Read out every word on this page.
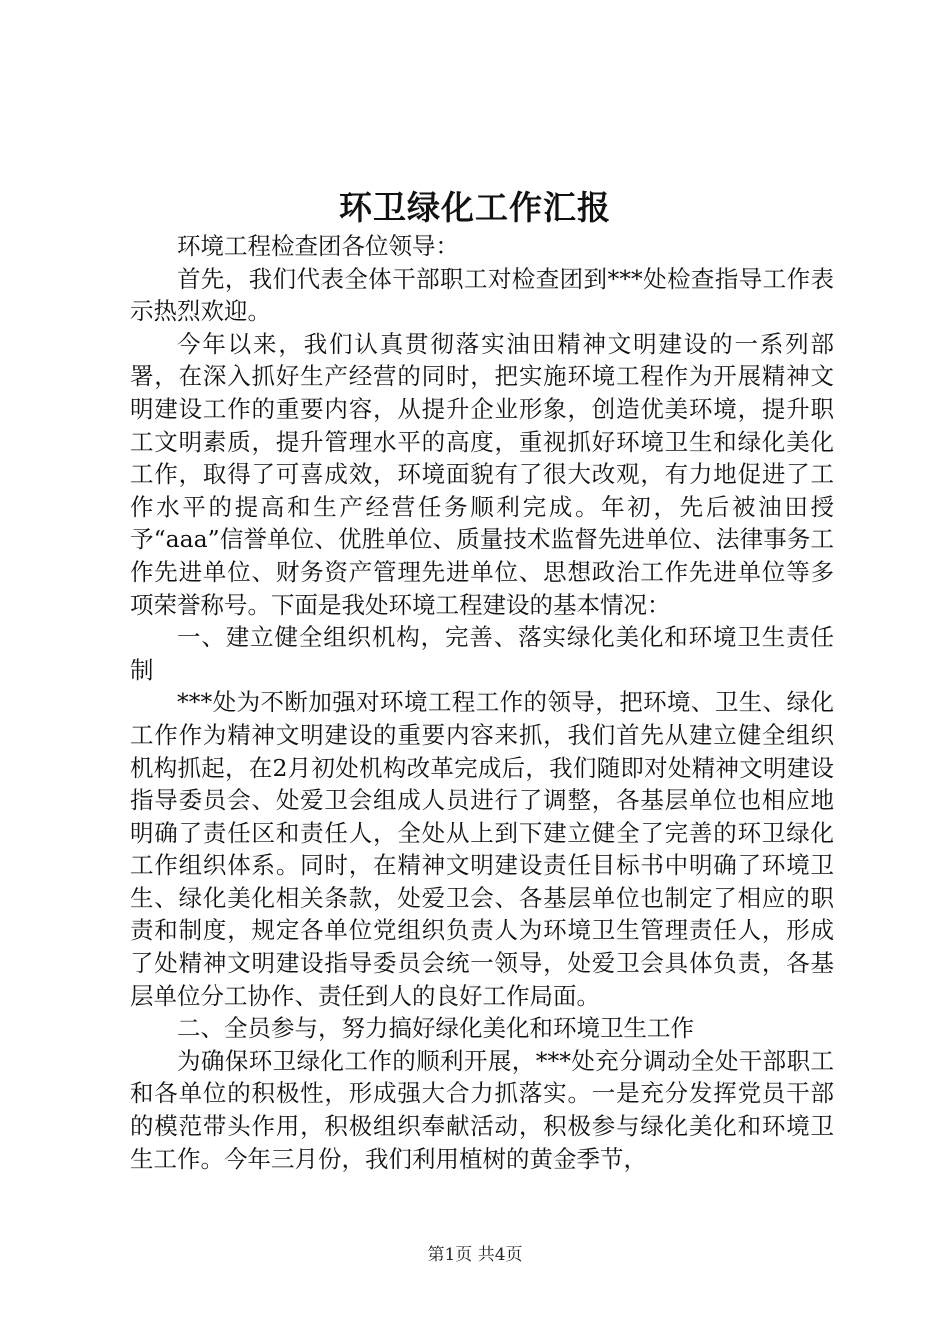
环卫绿化工作汇报

环境工程检查团各位领导：

首先，我们代表全体干部职工对检查团到***处检查指导工作表示热烈欢迎。

今年以来，我们认真贯彻落实油田精神文明建设的一系列部署，在深入抓好生产经营的同时，把实施环境工程作为开展精神文明建设工作的重要内容，从提升企业形象，创造优美环境，提升职工文明素质，提升管理水平的高度，重视抓好环境卫生和绿化美化工作，取得了可喜成效，环境面貌有了很大改观，有力地促进了工作水平的提高和生产经营任务顺利完成。年初，先后被油田授予“aaa”信誉单位、优胜单位、质量技术监督先进单位、法律事务工作先进单位、财务资产管理先进单位、思想政治工作先进单位等多项荣誉称号。下面是我处环境工程建设的基本情况：

一、建立健全组织机构，完善、落实绿化美化和环境卫生责任制

***处为不断加强对环境工程工作的领导，把环境、卫生、绿化工作作为精神文明建设的重要内容来抓，我们首先从建立健全组织机构抓起，在2月初处机构改革完成后，我们随即对处精神文明建设指导委员会、处爱卫会组成人员进行了调整，各基层单位也相应地明确了责任区和责任人，全处从上到下建立健全了完善的环卫绿化工作组织体系。同时，在精神文明建设责任目标书中明确了环境卫生、绿化美化相关条款，处爱卫会、各基层单位也制定了相应的职责和制度，规定各单位党组织负责人为环境卫生管理责任人，形成了处精神文明建设指导委员会统一领导，处爱卫会具体负责，各基层单位分工协作、责任到人的良好工作局面。

二、全员参与，努力搞好绿化美化和环境卫生工作

为确保环卫绿化工作的顺利开展，***处充分调动全处干部职工和各单位的积极性，形成强大合力抓落实。一是充分发挥党员干部的模范带头作用，积极组织奉献活动，积极参与绿化美化和环境卫生工作。今年三月份，我们利用植树的黄金季节，

第1页 共4页
